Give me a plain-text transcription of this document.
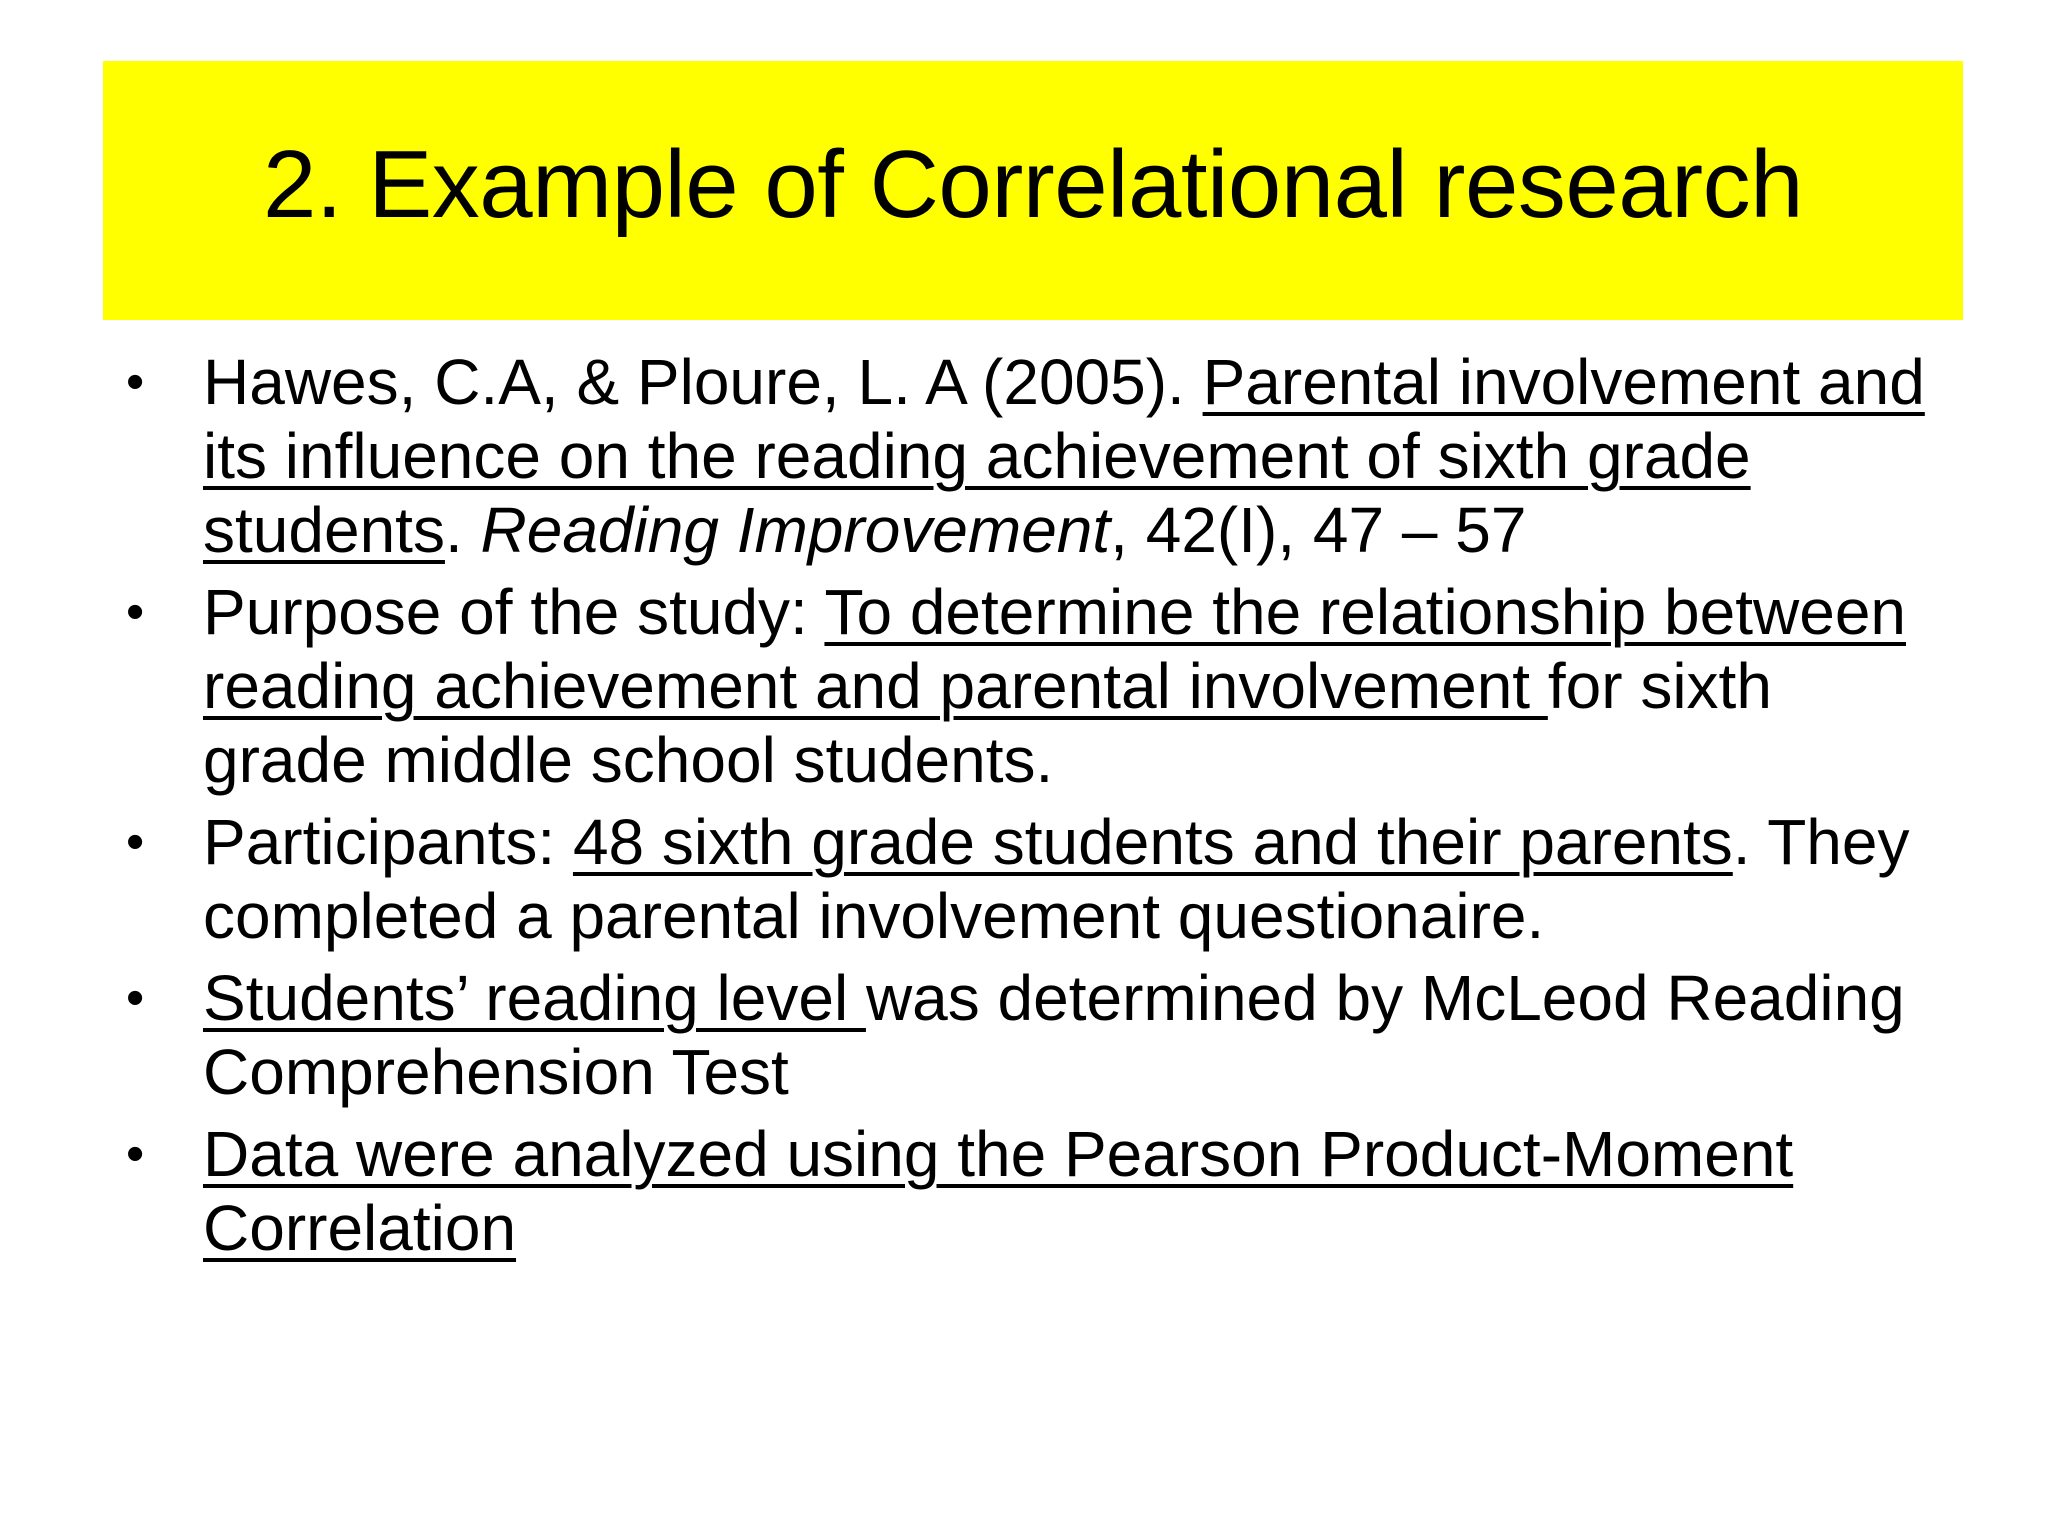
2. Example of Correlational research
• Hawes, C.A, & Ploure, L. A (2005). Parental involvement and its influence on the reading achievement of sixth grade students. Reading Improvement, 42(I), 47 – 57
• Purpose of the study: To determine the relationship between reading achievement and parental involvement for sixth grade middle school students.
• Participants: 48 sixth grade students and their parents. They completed a parental involvement questionaire.
• Students’ reading level was determined by McLeod Reading Comprehension Test
• Data were analyzed using the Pearson Product-Moment Correlation
